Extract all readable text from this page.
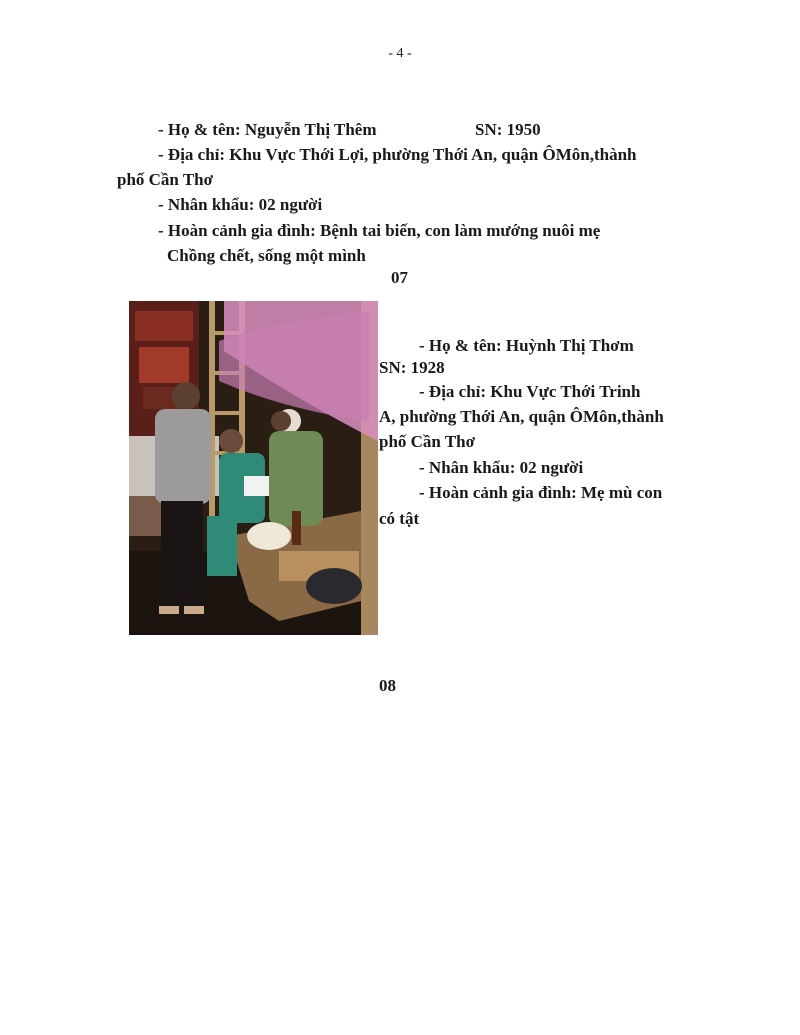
- 4 -
- Họ & tên: Nguyễn Thị Thêm	SN: 1950
- Địa chỉ: Khu Vực Thới Lợi, phường Thới An, quận ÔMôn,thành
phố Cần Thơ
- Nhân khẩu: 02 người
- Hoàn cảnh gia đình: Bệnh tai biến, con làm mướng nuôi mẹ
Chồng chết, sống một mình
07
- Họ & tên: Huỳnh Thị Thơm
SN: 1928
- Địa chỉ: Khu Vực Thới Trinh
A, phường Thới An, quận ÔMôn,thành
phố Cần Thơ
- Nhân khẩu: 02 người
- Hoàn cảnh gia đình: Mẹ mù con
có tật
08
